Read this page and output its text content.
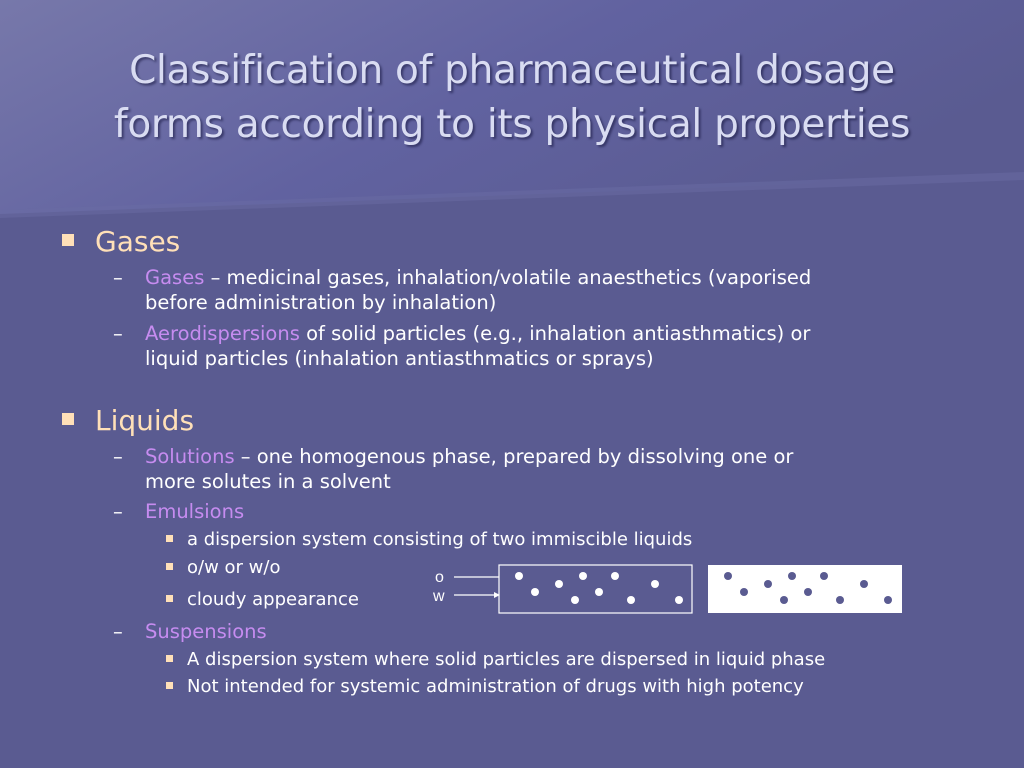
Classification of pharmaceutical dosage
forms according to its physical properties
Gases
– Gases – medicinal gases, inhalation/volatile anaesthetics (vaporised
before administration by inhalation)
– Aerodispersions of solid particles (e.g., inhalation antiasthmatics) or
liquid particles (inhalation antiasthmatics or sprays)
Liquids
– Solutions – one homogenous phase, prepared by dissolving one or
more solutes in a solvent
– Emulsions
a dispersion system consisting of two immiscible liquids
o/w or w/o
cloudy appearance
– Suspensions
A dispersion system where solid particles are dispersed in liquid phase
Not intended for systemic administration of drugs with high potency
o
w
